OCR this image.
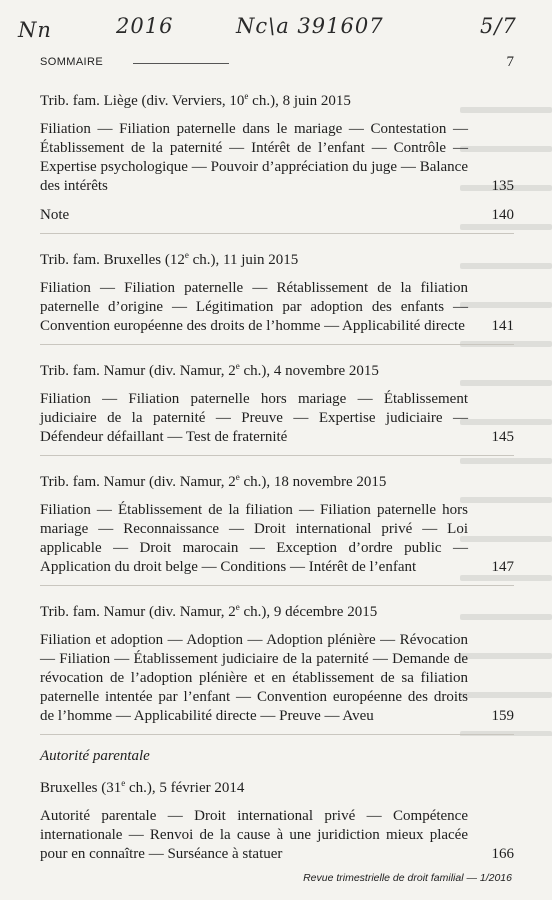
Nn	2016	Nc\a 391607	5/7
SOMMAIRE	7
Trib. fam. Liège (div. Verviers, 10e ch.), 8 juin 2015
Filiation — Filiation paternelle dans le mariage — Contestation — Établissement de la paternité — Intérêt de l’enfant — Contrôle — Expertise psychologique — Pouvoir d’appréciation du juge — Balance des intérêts	135
Note	140
Trib. fam. Bruxelles (12e ch.), 11 juin 2015
Filiation — Filiation paternelle — Rétablissement de la filiation paternelle d’origine — Légitimation par adoption des enfants — Convention européenne des droits de l’homme — Applicabilité directe 141
Trib. fam. Namur (div. Namur, 2e ch.), 4 novembre 2015
Filiation — Filiation paternelle hors mariage — Établissement judiciaire de la paternité — Preuve — Expertise judiciaire — Défendeur défaillant — Test de fraternité	145
Trib. fam. Namur (div. Namur, 2e ch.), 18 novembre 2015
Filiation — Établissement de la filiation — Filiation paternelle hors mariage — Reconnaissance — Droit international privé — Loi applicable — Droit marocain — Exception d’ordre public — Application du droit belge — Conditions — Intérêt de l’enfant	147
Trib. fam. Namur (div. Namur, 2e ch.), 9 décembre 2015
Filiation et adoption — Adoption — Adoption plénière — Révocation — Filiation — Établissement judiciaire de la paternité — Demande de révocation de l’adoption plénière et en établissement de sa filiation paternelle intentée par l’enfant — Convention européenne des droits de l’homme — Applicabilité directe — Preuve — Aveu	159
Autorité parentale
Bruxelles (31e ch.), 5 février 2014
Autorité parentale — Droit international privé — Compétence internationale — Renvoi de la cause à une juridiction mieux placée pour en connaître — Surséance à statuer	166
Revue trimestrielle de droit familial — 1/2016
